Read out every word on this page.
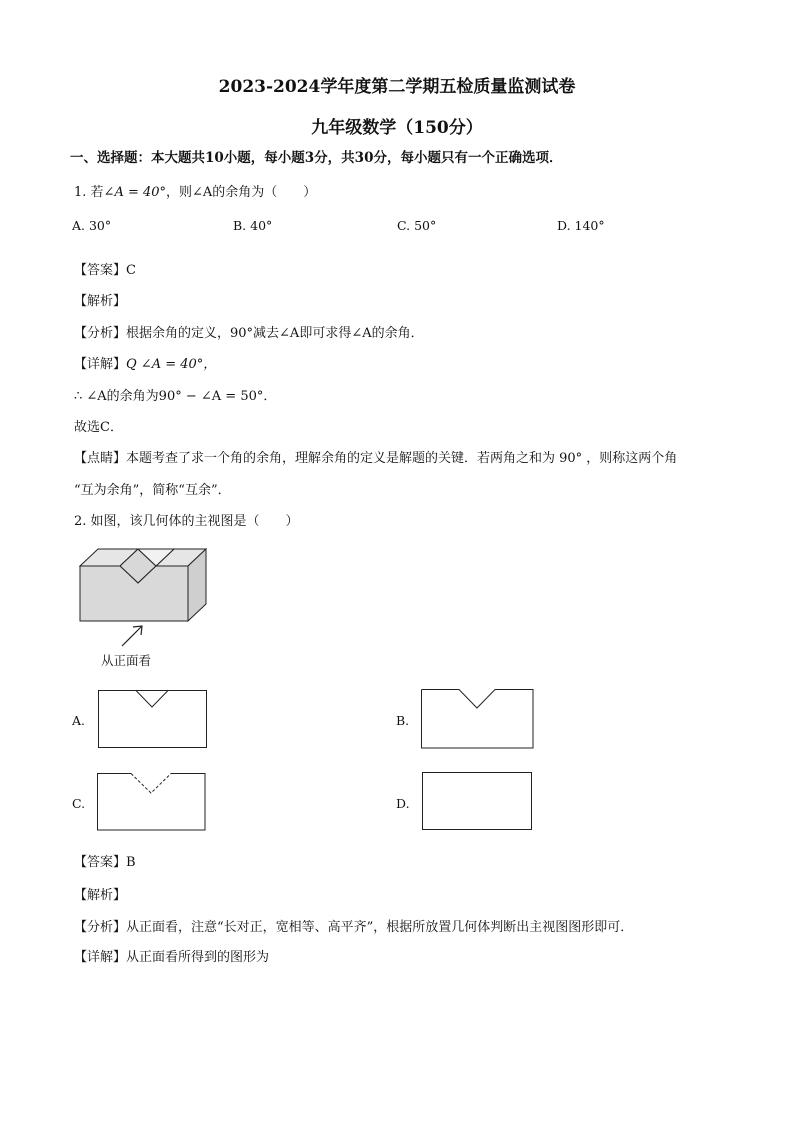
2023-2024学年度第二学期五检质量监测试卷
九年级数学（150分）
一、选择题：本大题共10小题，每小题3分，共30分，每小题只有一个正确选项．
1. 若∠A = 40°，则∠A的余角为（　　）
A. 30°	B. 40°	C. 50°	D. 140°
【答案】C
【解析】
【分析】根据余角的定义，90°减去∠A即可求得∠A的余角．
【详解】Q ∠A = 40°，
∴ ∠A的余角为90° − ∠A = 50°．
故选C．
【点睛】本题考查了求一个角的余角，理解余角的定义是解题的关键．若两角之和为 90° ，则称这两个角
“互为余角”，简称“互余”．
2. 如图，该几何体的主视图是（　　）
从正面看
A.	B.
C.	D.
【答案】B
【解析】
【分析】从正面看，注意“长对正，宽相等、高平齐”，根据所放置几何体判断出主视图图形即可．
【详解】从正面看所得到的图形为
